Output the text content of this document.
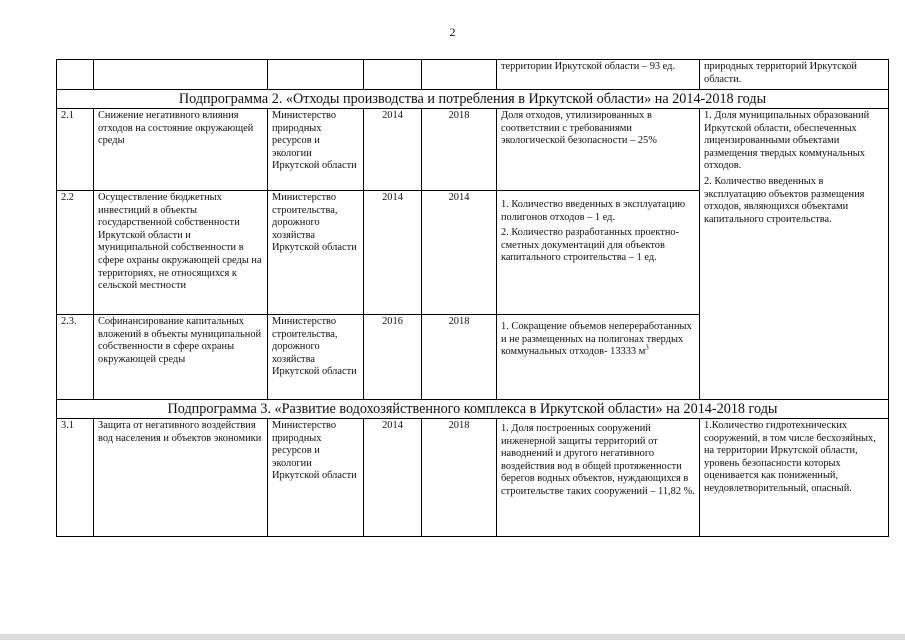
2
					территории Иркутской области – 93 ед.	природных территорий Иркутской области.
Подпрограмма 2. «Отходы производства и потребления в Иркутской области» на 2014-2018 годы						
2.1	Снижение негативного влияния отходов на состояние окружающей среды	Министерство природных ресурсов и экологии Иркутской области	2014	2018	Доля отходов, утилизированных в соответствии с требованиями экологической безопасности – 25%	1. Доля муниципальных образований Иркутской области, обеспеченных лицензированными объектами размещения твердых коммунальных отходов.
2. Количество введенных в эксплуатацию объектов размещения отходов, являющихся объектами капитального строительства.

2.2	Осуществление бюджетных инвестиций в объекты государственной собственности Иркутской области и муниципальной собственности в сфере охраны окружающей среды на территориях, не относящихся к сельской местности	Министерство строительства, дорожного хозяйства Иркутской области	2014	2014	1. Количество введенных в эксплуатацию полигонов отходов – 1 ед.
2. Количество разработанных проектно-сметных документаций для объектов капитального строительства – 1 ед.	

2.3.	Софинансирование капитальных вложений в объекты муниципальной собственности в сфере охраны окружающей среды	Министерство строительства, дорожного хозяйства Иркутской области	2016	2018	1. Сокращение объемов непереработанных и не размещенных на полигонах твердых коммунальных отходов- 13333 $м^3$
Подпрограмма 3. «Развитие водохозяйственного комплекса в Иркутской области» на 2014-2018 годы						
3.1	Защита от негативного воздействия вод населения и объектов экономики	Министерство природных ресурсов и экологии Иркутской области	2014	2018	1. Доля построенных сооружений инженерной защиты территорий от наводнений и другого негативного воздействия вод в общей протяженности берегов водных объектов, нуждающихся в строительстве таких сооружений – 11,82 %.	1.Количество гидротехнических сооружений, в том числе бесхозяйных, на территории Иркутской области, уровень безопасности которых оценивается как пониженный, неудовлетворительный, опасный.
